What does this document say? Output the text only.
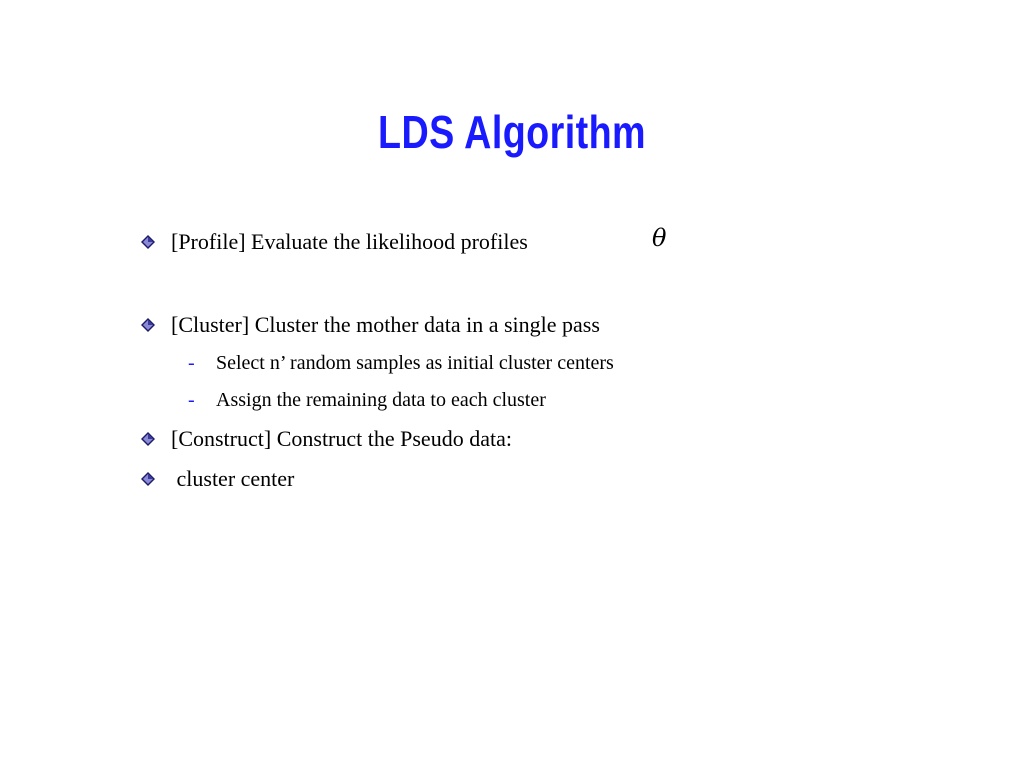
LDS Algorithm
[Profile] Evaluate the likelihood profiles	θ
[Cluster] Cluster the mother data in a single pass
- Select n’ random samples as initial cluster centers
- Assign the remaining data to each cluster
[Construct] Construct the Pseudo data:
cluster center
